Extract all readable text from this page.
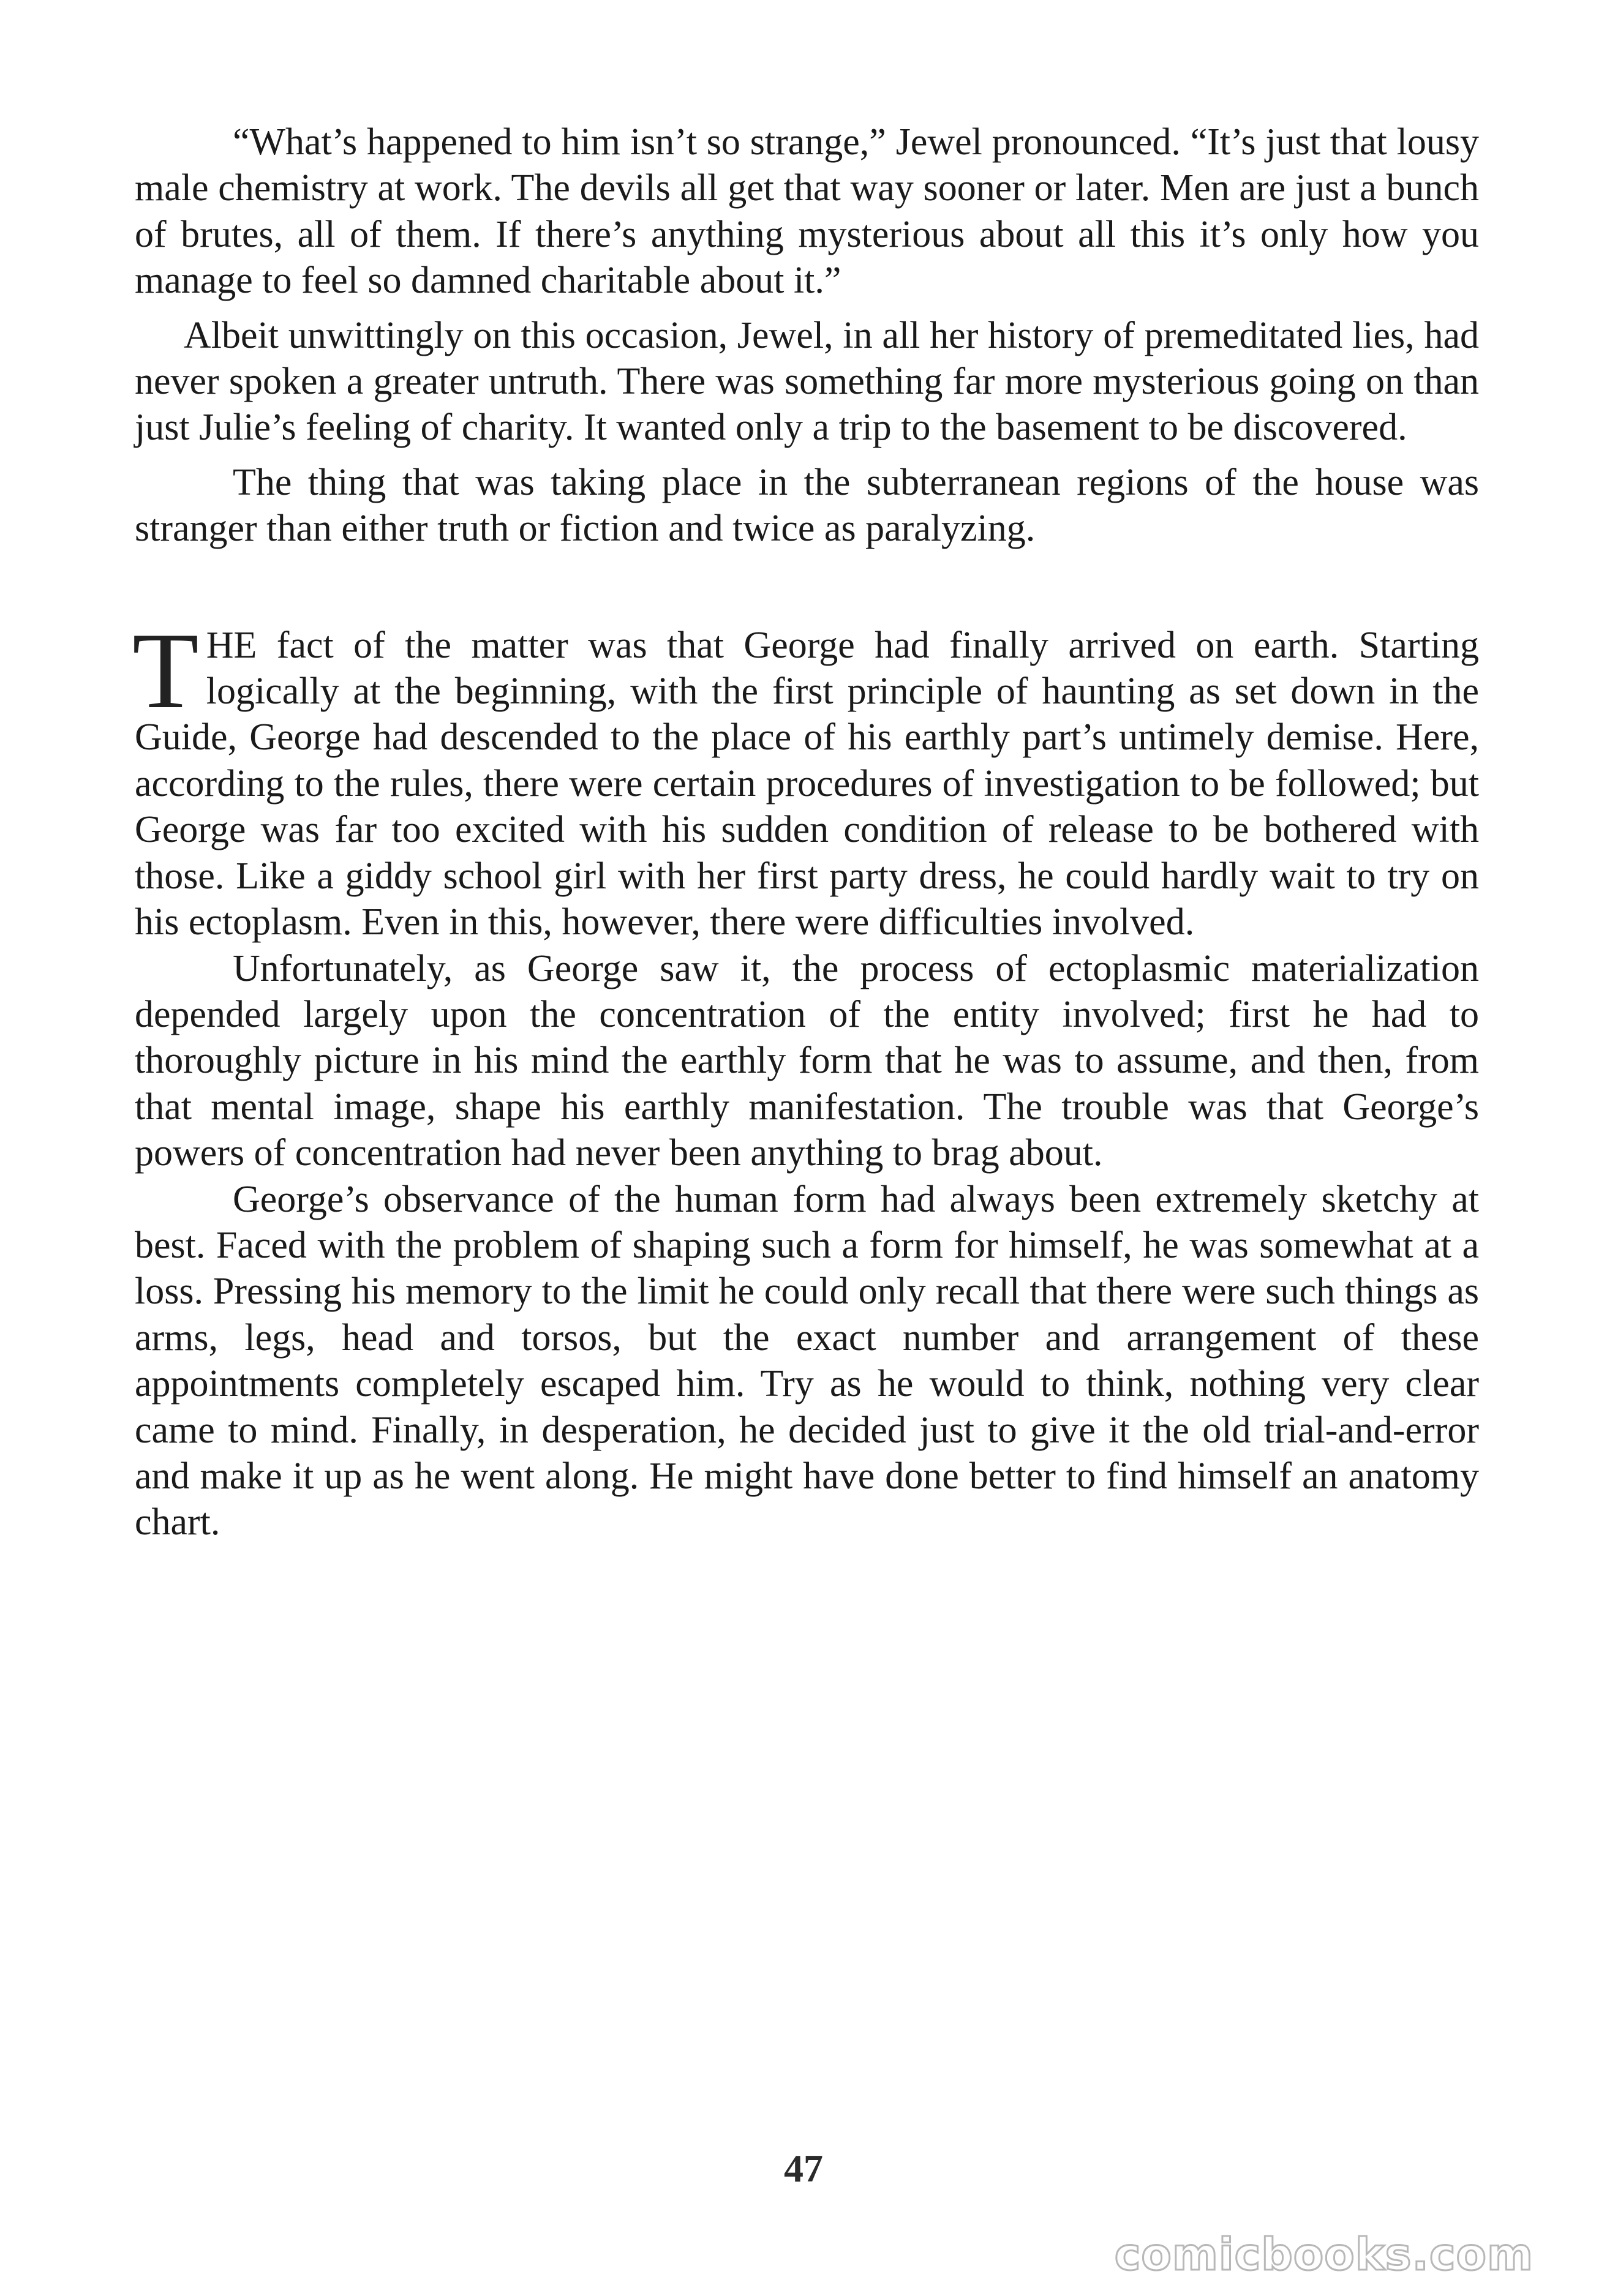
“What’s happened to him isn’t so strange,” Jewel pronounced. “It’s just that lousy male chemistry at work. The devils all get that way sooner or later. Men are just a bunch of brutes, all of them. If there’s anything mysterious about all this it’s only how you manage to feel so damned charitable about it.”

Albeit unwittingly on this occasion, Jewel, in all her history of premeditated lies, had never spoken a greater untruth. There was something far more mysterious going on than just Julie’s feeling of charity. It wanted only a trip to the basement to be discovered.

The thing that was taking place in the subterranean regions of the house was stranger than either truth or fiction and twice as paralyzing.

THE fact of the matter was that George had finally arrived on earth. Starting logically at the beginning, with the first principle of haunting as set down in the Guide, George had descended to the place of his earthly part’s untimely demise. Here, according to the rules, there were certain procedures of investigation to be followed; but George was far too excited with his sudden condition of release to be bothered with those. Like a giddy school girl with her first party dress, he could hardly wait to try on his ectoplasm. Even in this, however, there were difficulties involved.

Unfortunately, as George saw it, the process of ectoplasmic materialization depended largely upon the concentration of the entity involved; first he had to thoroughly picture in his mind the earthly form that he was to assume, and then, from that mental image, shape his earthly manifestation. The trouble was that George’s powers of concentration had never been anything to brag about.

George’s observance of the human form had always been extremely sketchy at best. Faced with the problem of shaping such a form for himself, he was somewhat at a loss. Pressing his memory to the limit he could only recall that there were such things as arms, legs, head and torsos, but the exact number and arrangement of these appointments completely escaped him. Try as he would to think, nothing very clear came to mind. Finally, in desperation, he decided just to give it the old trial-and-error and make it up as he went along. He might have done better to find himself an anatomy chart.

47
comicbooks.com
